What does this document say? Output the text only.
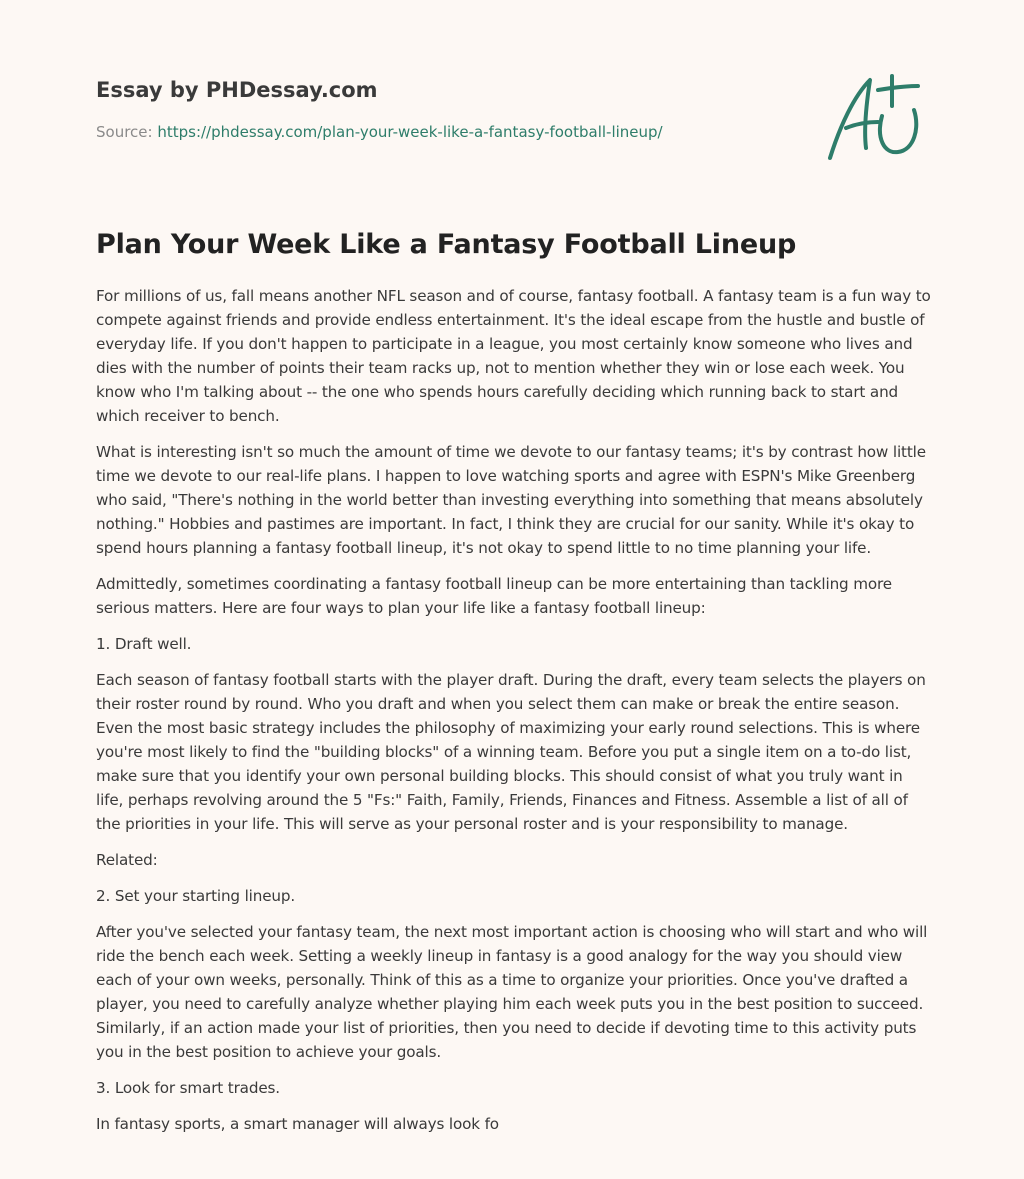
Essay by PHDessay.com
Source: https://phdessay.com/plan-your-week-like-a-fantasy-football-lineup/
Plan Your Week Like a Fantasy Football Lineup

For millions of us, fall means another NFL season and of course, fantasy football. A fantasy team is a fun way to compete against friends and provide endless entertainment. It's the ideal escape from the hustle and bustle of everyday life. If you don't happen to participate in a league, you most certainly know someone who lives and dies with the number of points their team racks up, not to mention whether they win or lose each week. You know who I'm talking about -- the one who spends hours carefully deciding which running back to start and which receiver to bench.

What is interesting isn't so much the amount of time we devote to our fantasy teams; it's by contrast how little time we devote to our real-life plans. I happen to love watching sports and agree with ESPN's Mike Greenberg who said, "There's nothing in the world better than investing everything into something that means absolutely nothing." Hobbies and pastimes are important. In fact, I think they are crucial for our sanity. While it's okay to spend hours planning a fantasy football lineup, it's not okay to spend little to no time planning your life.

Admittedly, sometimes coordinating a fantasy football lineup can be more entertaining than tackling more serious matters. Here are four ways to plan your life like a fantasy football lineup:

1. Draft well.

Each season of fantasy football starts with the player draft. During the draft, every team selects the players on their roster round by round. Who you draft and when you select them can make or break the entire season. Even the most basic strategy includes the philosophy of maximizing your early round selections. This is where you're most likely to find the "building blocks" of a winning team. Before you put a single item on a to-do list, make sure that you identify your own personal building blocks. This should consist of what you truly want in life, perhaps revolving around the 5 "Fs:" Faith, Family, Friends, Finances and Fitness. Assemble a list of all of the priorities in your life. This will serve as your personal roster and is your responsibility to manage.

Related:

2. Set your starting lineup.

After you've selected your fantasy team, the next most important action is choosing who will start and who will ride the bench each week. Setting a weekly lineup in fantasy is a good analogy for the way you should view each of your own weeks, personally. Think of this as a time to organize your priorities. Once you've drafted a player, you need to carefully analyze whether playing him each week puts you in the best position to succeed. Similarly, if an action made your list of priorities, then you need to decide if devoting time to this activity puts you in the best position to achieve your goals.

3. Look for smart trades.

In fantasy sports, a smart manager will always look fo
